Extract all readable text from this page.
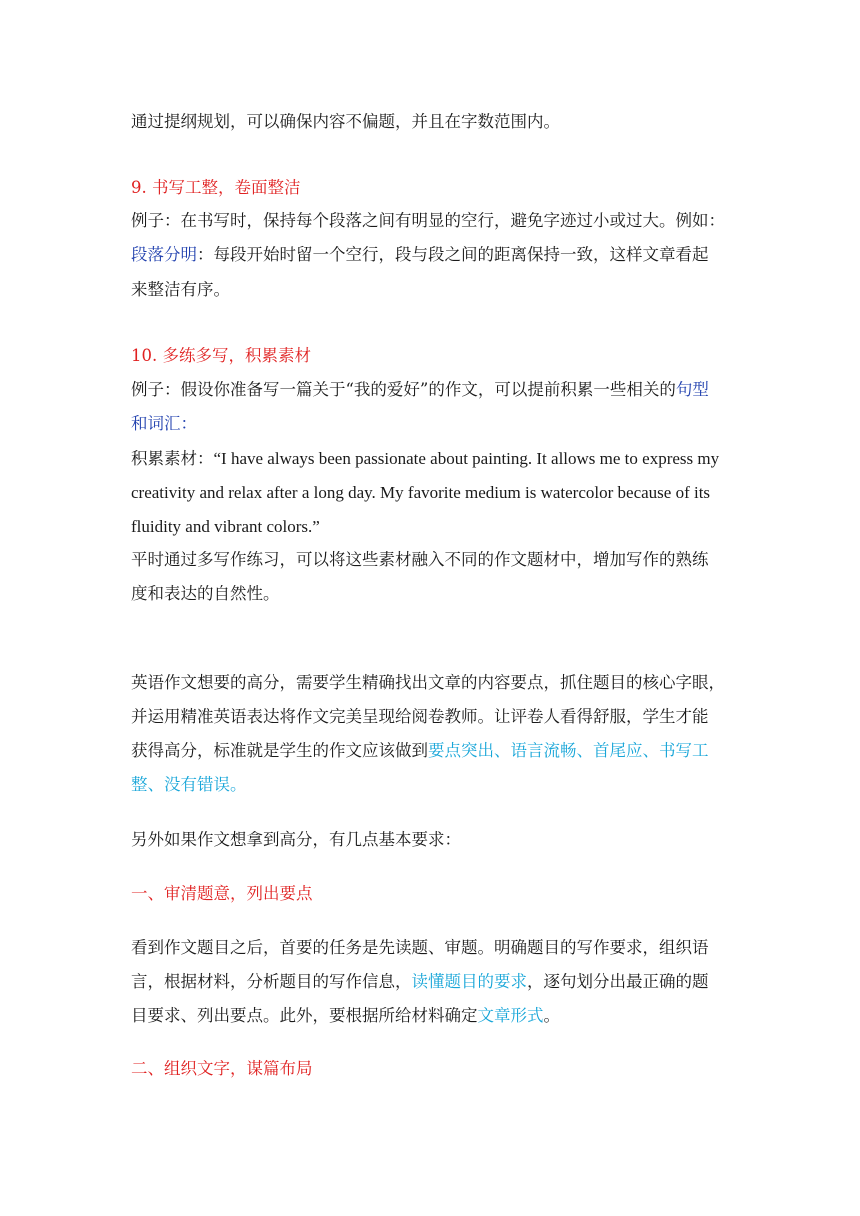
通过提纲规划，可以确保内容不偏题，并且在字数范围内。
9. 书写工整，卷面整洁
例子：在书写时，保持每个段落之间有明显的空行，避免字迹过小或过大。例如：
段落分明：每段开始时留一个空行，段与段之间的距离保持一致，这样文章看起
来整洁有序。
10. 多练多写，积累素材
例子：假设你准备写一篇关于“我的爱好”的作文，可以提前积累一些相关的句型
和词汇：
积累素材：“I have always been passionate about painting. It allows me to express my
creativity and relax after a long day. My favorite medium is watercolor because of its
fluidity and vibrant colors.”
平时通过多写作练习，可以将这些素材融入不同的作文题材中，增加写作的熟练
度和表达的自然性。
英语作文想要的高分，需要学生精确找出文章的内容要点，抓住题目的核心字眼，
并运用精准英语表达将作文完美呈现给阅卷教师。让评卷人看得舒服，学生才能
获得高分，标准就是学生的作文应该做到要点突出、语言流畅、首尾应、书写工
整、没有错误。
另外如果作文想拿到高分，有几点基本要求：
一、审清题意，列出要点
看到作文题目之后，首要的任务是先读题、审题。明确题目的写作要求，组织语
言，根据材料，分析题目的写作信息，读懂题目的要求，逐句划分出最正确的题
目要求、列出要点。此外，要根据所给材料确定文章形式。
二、组织文字，谋篇布局
